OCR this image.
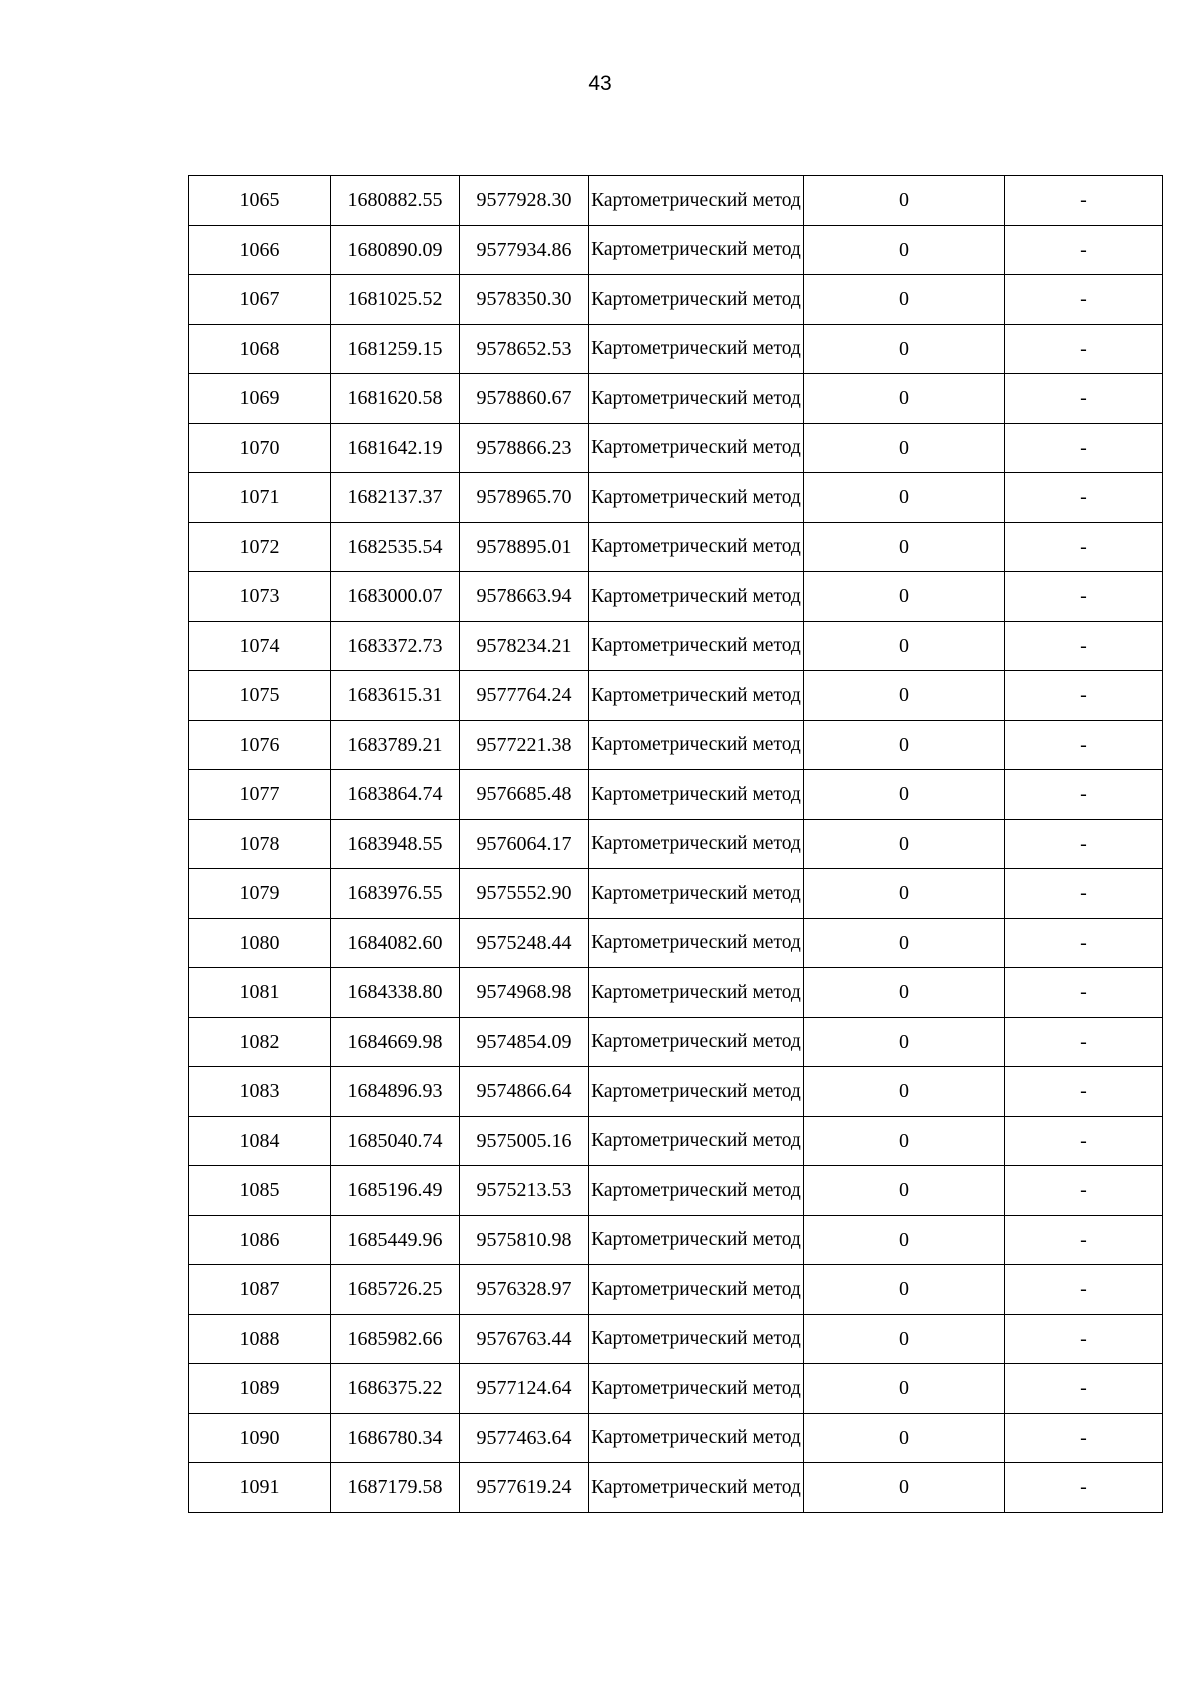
43
1065	1680882.55	9577928.30	Картометрический метод	0	-
1066	1680890.09	9577934.86	Картометрический метод	0	-
1067	1681025.52	9578350.30	Картометрический метод	0	-
1068	1681259.15	9578652.53	Картометрический метод	0	-
1069	1681620.58	9578860.67	Картометрический метод	0	-
1070	1681642.19	9578866.23	Картометрический метод	0	-
1071	1682137.37	9578965.70	Картометрический метод	0	-
1072	1682535.54	9578895.01	Картометрический метод	0	-
1073	1683000.07	9578663.94	Картометрический метод	0	-
1074	1683372.73	9578234.21	Картометрический метод	0	-
1075	1683615.31	9577764.24	Картометрический метод	0	-
1076	1683789.21	9577221.38	Картометрический метод	0	-
1077	1683864.74	9576685.48	Картометрический метод	0	-
1078	1683948.55	9576064.17	Картометрический метод	0	-
1079	1683976.55	9575552.90	Картометрический метод	0	-
1080	1684082.60	9575248.44	Картометрический метод	0	-
1081	1684338.80	9574968.98	Картометрический метод	0	-
1082	1684669.98	9574854.09	Картометрический метод	0	-
1083	1684896.93	9574866.64	Картометрический метод	0	-
1084	1685040.74	9575005.16	Картометрический метод	0	-
1085	1685196.49	9575213.53	Картометрический метод	0	-
1086	1685449.96	9575810.98	Картометрический метод	0	-
1087	1685726.25	9576328.97	Картометрический метод	0	-
1088	1685982.66	9576763.44	Картометрический метод	0	-
1089	1686375.22	9577124.64	Картометрический метод	0	-
1090	1686780.34	9577463.64	Картометрический метод	0	-
1091	1687179.58	9577619.24	Картометрический метод	0	-
